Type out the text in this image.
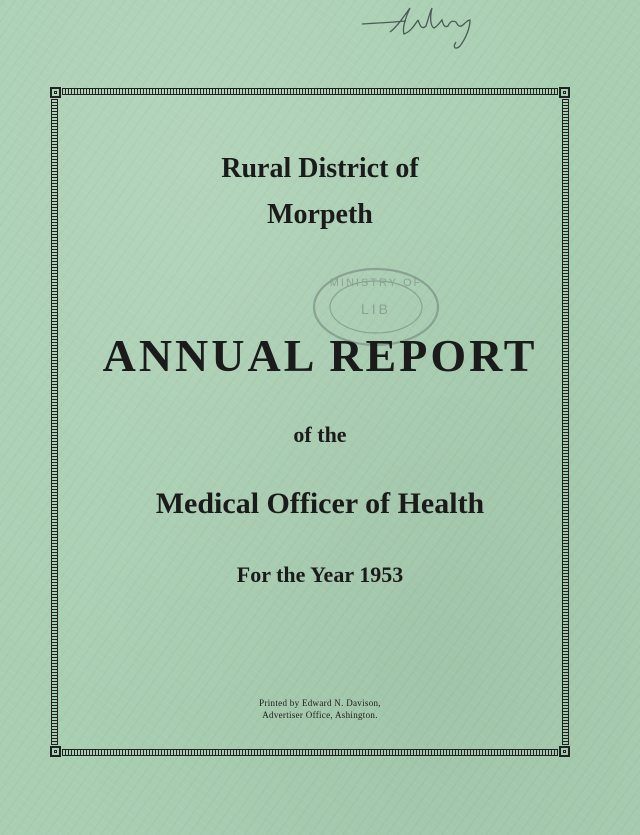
MINISTRY OF
LIB
Rural District of
Morpeth
ANNUAL REPORT
of the
Medical Officer of Health
For the Year 1953
Printed by Edward N. Davison,
Advertiser Office, Ashington.
